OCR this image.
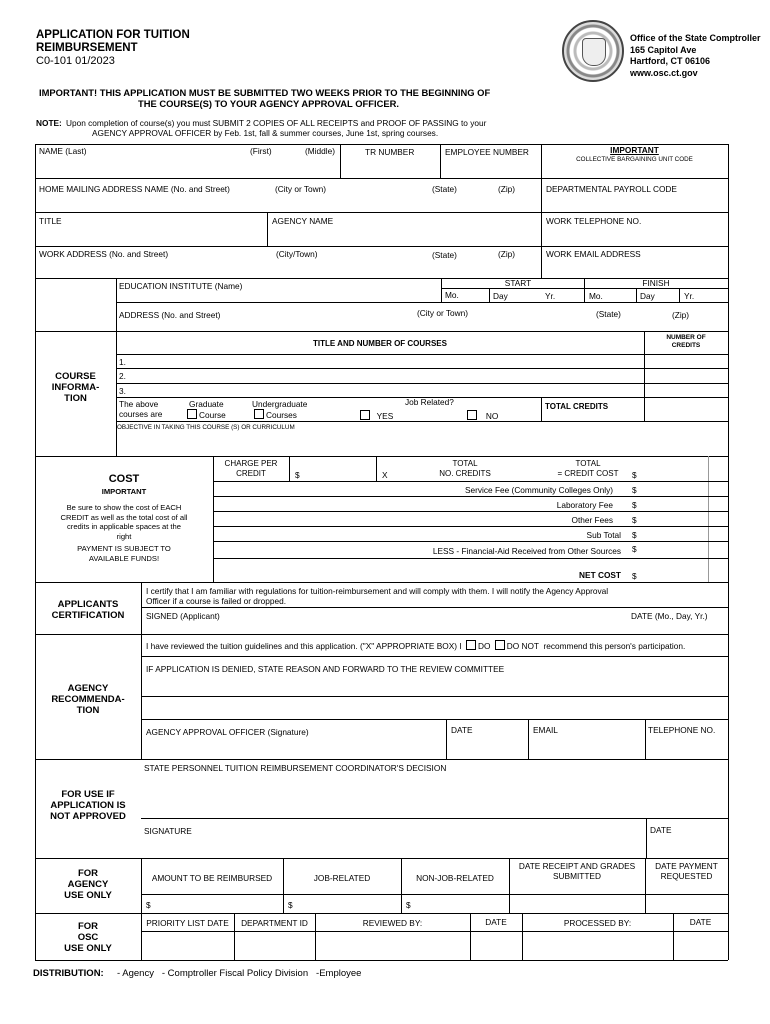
APPLICATION FOR TUITION
REIMBURSEMENT
C0-101 01/2023
Office of the State Comptroller
165 Capitol Ave
Hartford, CT 06106
www.osc.ct.gov
IMPORTANT! THIS APPLICATION MUST BE SUBMITTED TWO WEEKS PRIOR TO THE BEGINNING OF
THE COURSE(S) TO YOUR AGENCY APPROVAL OFFICER.
NOTE: Upon completion of course(s) you must SUBMIT 2 COPIES OF ALL RECEIPTS and PROOF OF PASSING to your
AGENCY APPROVAL OFFICER by Feb. 1st, fall & summer courses, June 1st, spring courses.
NAME (Last)	(First)	(Middle)	TR NUMBER	EMPLOYEE NUMBER	IMPORTANT
COLLECTIVE BARGAINING UNIT CODE
HOME MAILING ADDRESS NAME (No. and Street)	(City or Town)	(State)	(Zip)	DEPARTMENTAL PAYROLL CODE
TITLE	AGENCY NAME	WORK TELEPHONE NO.
WORK ADDRESS (No. and Street)	(City/Town)	(State)	(Zip)	WORK EMAIL ADDRESS
COURSE
INFORMA-
TION
EDUCATION INSTITUTE (Name)	START	FINISH
Mo.	Day	Yr.	Mo.	Day	Yr.
ADDRESS (No. and Street)	(City or Town)	(State)	(Zip)
TITLE AND NUMBER OF COURSES
NUMBER OF
CREDITS
1.
2.
3.
The above
courses are
Graduate
Course
Undergraduate
Courses
Job Related?
YES	NO
TOTAL CREDITS
OBJECTIVE IN TAKING THIS COURSE (S) OR CURRICULUM
COST
IMPORTANT
Be sure to show the cost of EACH
CREDIT as well as the total cost of all
credits in applicable spaces at the
right
PAYMENT IS SUBJECT TO
AVAILABLE FUNDS!
CHARGE PER
CREDIT	$	X
TOTAL
NO. CREDITS
TOTAL
= CREDIT COST	$
Service Fee (Community Colleges Only) $
Laboratory Fee $
Other Fees $
Sub Total $
LESS - Financial-Aid Received from Other Sources $
NET COST $
APPLICANTS
CERTIFICATION
I certify that I am familiar with regulations for tuition-reimbursement and will comply with them. I will notify the Agency Approval
Officer if a course is failed or dropped.
SIGNED (Applicant)	DATE (Mo., Day, Yr.)
AGENCY
RECOMMENDA-
TION
I have reviewed the tuition guidelines and this application. ("X" APPROPRIATE BOX) I DO DO NOT recommend this person's participation.
IF APPLICATION IS DENIED, STATE REASON AND FORWARD TO THE REVIEW COMMITTEE
AGENCY APPROVAL OFFICER (Signature)	DATE	EMAIL	TELEPHONE NO.
FOR USE IF
APPLICATION IS
NOT APPROVED
STATE PERSONNEL TUITION REIMBURSEMENT COORDINATOR'S DECISION
SIGNATURE	DATE
FOR
AGENCY
USE ONLY
AMOUNT TO BE REIMBURSED	JOB-RELATED	NON-JOB-RELATED
DATE RECEIPT AND GRADES
SUBMITTED
DATE PAYMENT
REQUESTED
$	$	$
FOR
OSC
USE ONLY
PRIORITY LIST DATE	DEPARTMENT ID	REVIEWED BY:	DATE	PROCESSED BY:	DATE
DISTRIBUTION: - Agency   - Comptroller Fiscal Policy Division   -Employee
